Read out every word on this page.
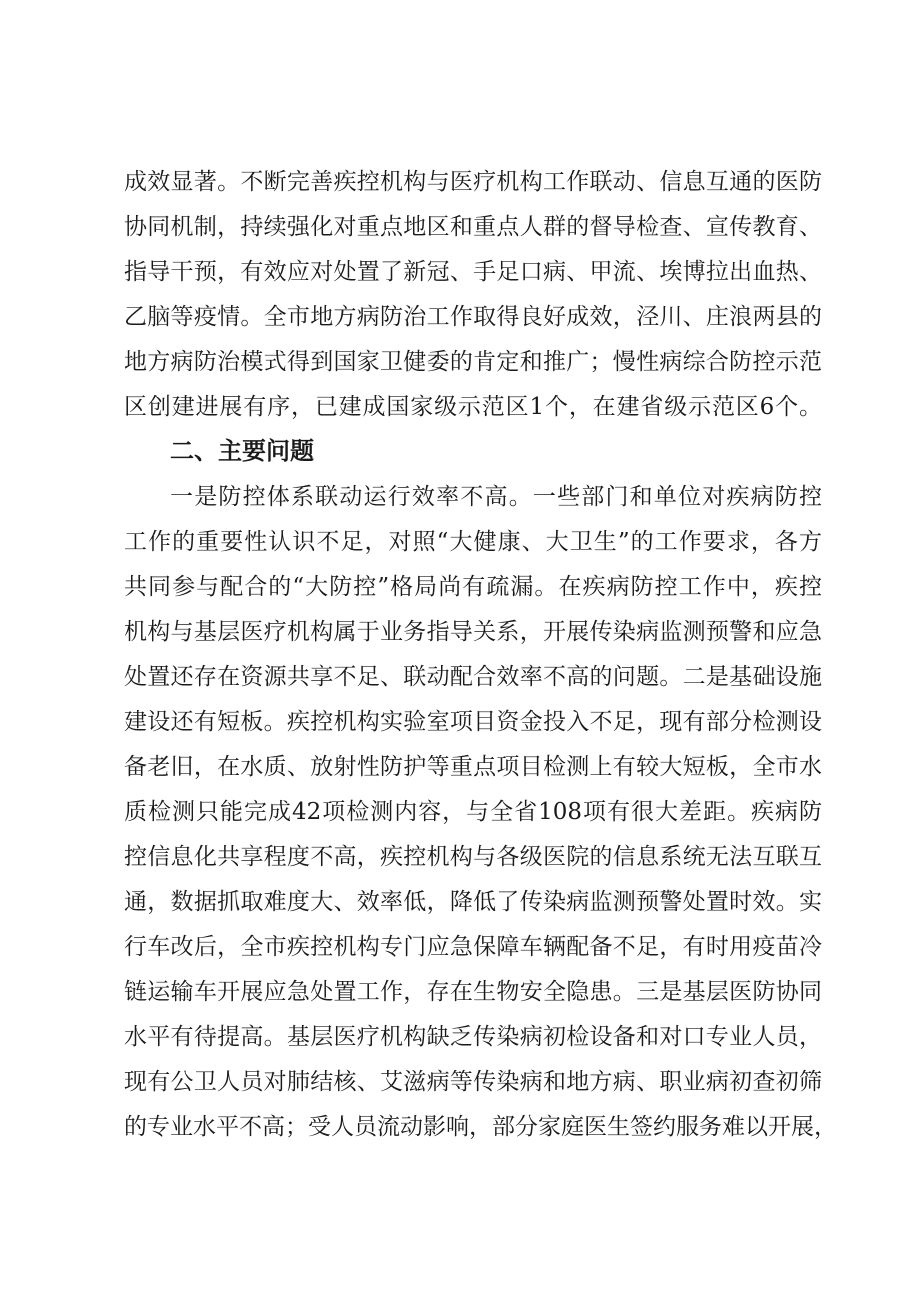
成效显著。不断完善疾控机构与医疗机构工作联动、信息互通的医防
协同机制，持续强化对重点地区和重点人群的督导检查、宣传教育、
指导干预，有效应对处置了新冠、手足口病、甲流、埃博拉出血热、
乙脑等疫情。全市地方病防治工作取得良好成效，泾川、庄浪两县的
地方病防治模式得到国家卫健委的肯定和推广；慢性病综合防控示范
区创建进展有序，已建成国家级示范区1个，在建省级示范区6个。
二、主要问题
一是防控体系联动运行效率不高。一些部门和单位对疾病防控
工作的重要性认识不足，对照“大健康、大卫生”的工作要求，各方
共同参与配合的“大防控”格局尚有疏漏。在疾病防控工作中，疾控
机构与基层医疗机构属于业务指导关系，开展传染病监测预警和应急
处置还存在资源共享不足、联动配合效率不高的问题。二是基础设施
建设还有短板。疾控机构实验室项目资金投入不足，现有部分检测设
备老旧，在水质、放射性防护等重点项目检测上有较大短板，全市水
质检测只能完成42项检测内容，与全省108项有很大差距。疾病防
控信息化共享程度不高，疾控机构与各级医院的信息系统无法互联互
通，数据抓取难度大、效率低，降低了传染病监测预警处置时效。实
行车改后，全市疾控机构专门应急保障车辆配备不足，有时用疫苗冷
链运输车开展应急处置工作，存在生物安全隐患。三是基层医防协同
水平有待提高。基层医疗机构缺乏传染病初检设备和对口专业人员，
现有公卫人员对肺结核、艾滋病等传染病和地方病、职业病初查初筛
的专业水平不高；受人员流动影响，部分家庭医生签约服务难以开展，
